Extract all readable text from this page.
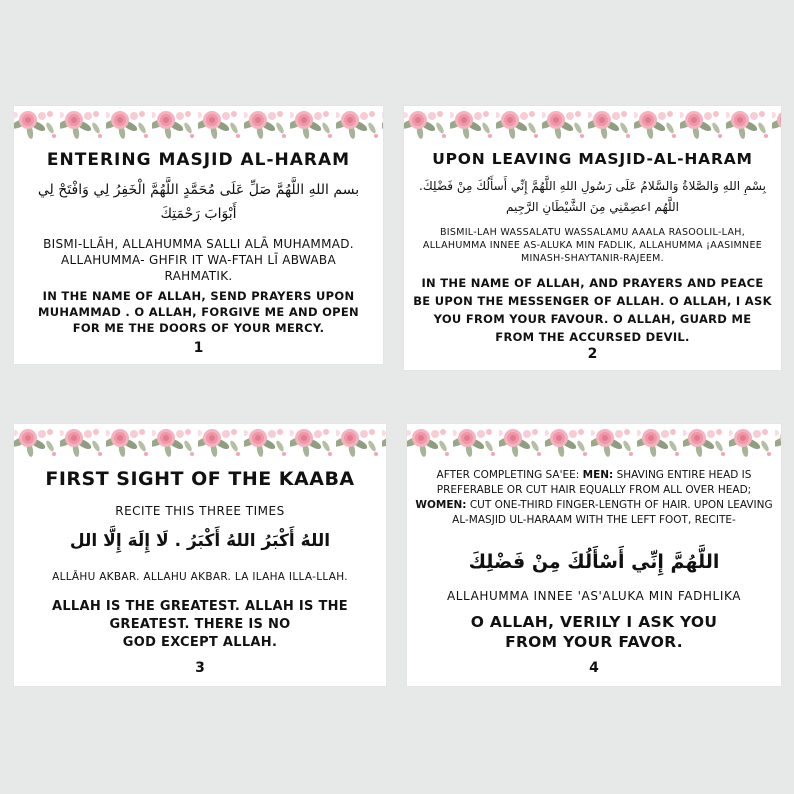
ENTERING MASJID AL-HARAM
بسم اللهِ اللَّهُمَّ صَلِّ عَلَى مُحَمَّدٍ اللَّهُمَّ الْخَفِرُ لِي وَافْتَحْ لِي أَبْوَابَ رَحْمَتِكَ
BISMI-LLĀH, ALLAHUMMA SALLI ALĀ MUHAMMAD. ALLAHUMMA- GHFIR IT WA-FTAH LĪ ABWABA RAHMATIK.
IN THE NAME OF ALLAH, SEND PRAYERS UPON MUHAMMAD . O ALLAH, FORGIVE ME AND OPEN FOR ME THE DOORS OF YOUR MERCY.
1
UPON LEAVING MASJID-AL-HARAM
بِسْمِ اللهِ وَالصَّلاةُ وَالسَّلامُ عَلَى رَسُولِ اللهِ اللَّهُمَّ إِنِّي أَسأَلُكَ مِنْ فَضْلِكَ. اللَّهُم اعصِمْنِي مِنَ الشَّيْطَانِ الرَّجِيم
BISMIL-LAH WASSALATU WASSALAMU AAALA RASOOLIL-LAH, ALLAHUMMA INNEE AS-ALUKA MIN FADLIK, ALLAHUMMA ¡AASIMNEE MINASH-SHAYTANIR-RAJEEM.
IN THE NAME OF ALLAH, AND PRAYERS AND PEACE BE UPON THE MESSENGER OF ALLAH. O ALLAH, I ASK YOU FROM YOUR FAVOUR. O ALLAH, GUARD ME FROM THE ACCURSED DEVIL.
2
FIRST SIGHT OF THE KAABA
RECITE THIS THREE TIMES
اللهُ أَكْبَرُ اللهُ أَكْبَرُ . لَا إِلَهَ إِلَّا الل
ALLĀHU AKBAR. ALLAHU AKBAR. LA ILAHA ILLA-LLAH.
ALLAH IS THE GREATEST. ALLAH IS THE
GREATEST. THERE IS NO
GOD EXCEPT ALLAH.
3
AFTER COMPLETING SA'EE: MEN: SHAVING ENTIRE HEAD IS PREFERABLE OR CUT HAIR EQUALLY FROM ALL OVER HEAD; WOMEN: CUT ONE-THIRD FINGER-LENGTH OF HAIR. UPON LEAVING AL-MASJID UL-HARAAM WITH THE LEFT FOOT, RECITE-
اللَّهُمَّ إِنِّي أَسْأَلُكَ مِنْ فَضْلِكَ
ALLAHUMMA INNEE 'AS'ALUKA MIN FADHLIKA
O ALLAH, VERILY I ASK YOU
FROM YOUR FAVOR.
4
